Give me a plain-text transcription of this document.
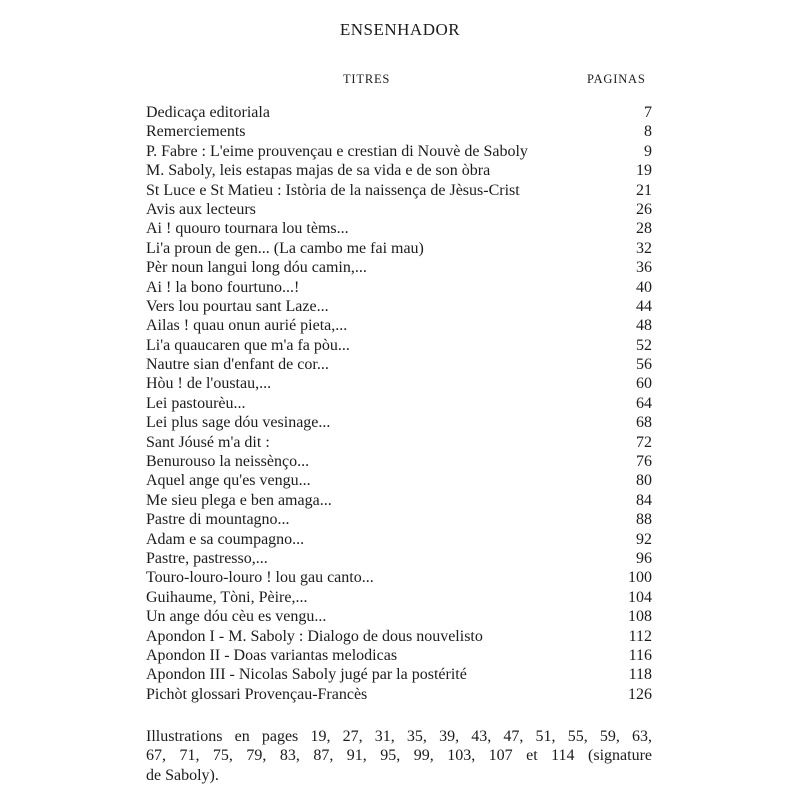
ENSENHADOR
TITRES	PAGINAS
Dedicaça editoriala	7
Remerciements	8
P. Fabre : L'eime prouvençau e crestian di Nouvè de Saboly	9
M. Saboly, leis estapas majas de sa vida e de son òbra	19
St Luce e St Matieu : Istòria de la naissença de Jèsus-Crist	21
Avis aux lecteurs	26
Ai ! quouro tournara lou tèms...	28
Li'a proun de gen... (La cambo me fai mau)	32
Pèr noun langui long dóu camin,...	36
Ai ! la bono fourtuno...!	40
Vers lou pourtau sant Laze...	44
Ailas ! quau onun aurié pieta,...	48
Li'a quaucaren que m'a fa pòu...	52
Nautre sian d'enfant de cor...	56
Hòu ! de l'oustau,...	60
Lei pastourèu...	64
Lei plus sage dóu vesinage...	68
Sant Jóusé m'a dit :	72
Benurouso la neissènço...	76
Aquel ange qu'es vengu...	80
Me sieu plega e ben amaga...	84
Pastre di mountagno...	88
Adam e sa coumpagno...	92
Pastre, pastresso,...	96
Touro-louro-louro ! lou gau canto...	100
Guihaume, Tòni, Pèire,...	104
Un ange dóu cèu es vengu...	108
Apondon I - M. Saboly : Dialogo de dous nouvelisto	112
Apondon II - Doas variantas melodicas	116
Apondon III - Nicolas Saboly jugé par la postérité	118
Pichòt glossari Provençau-Francès	126
Illustrations en pages 19, 27, 31, 35, 39, 43, 47, 51, 55, 59, 63,
67, 71, 75, 79, 83, 87, 91, 95, 99, 103, 107 et 114 (signature
de Saboly).
